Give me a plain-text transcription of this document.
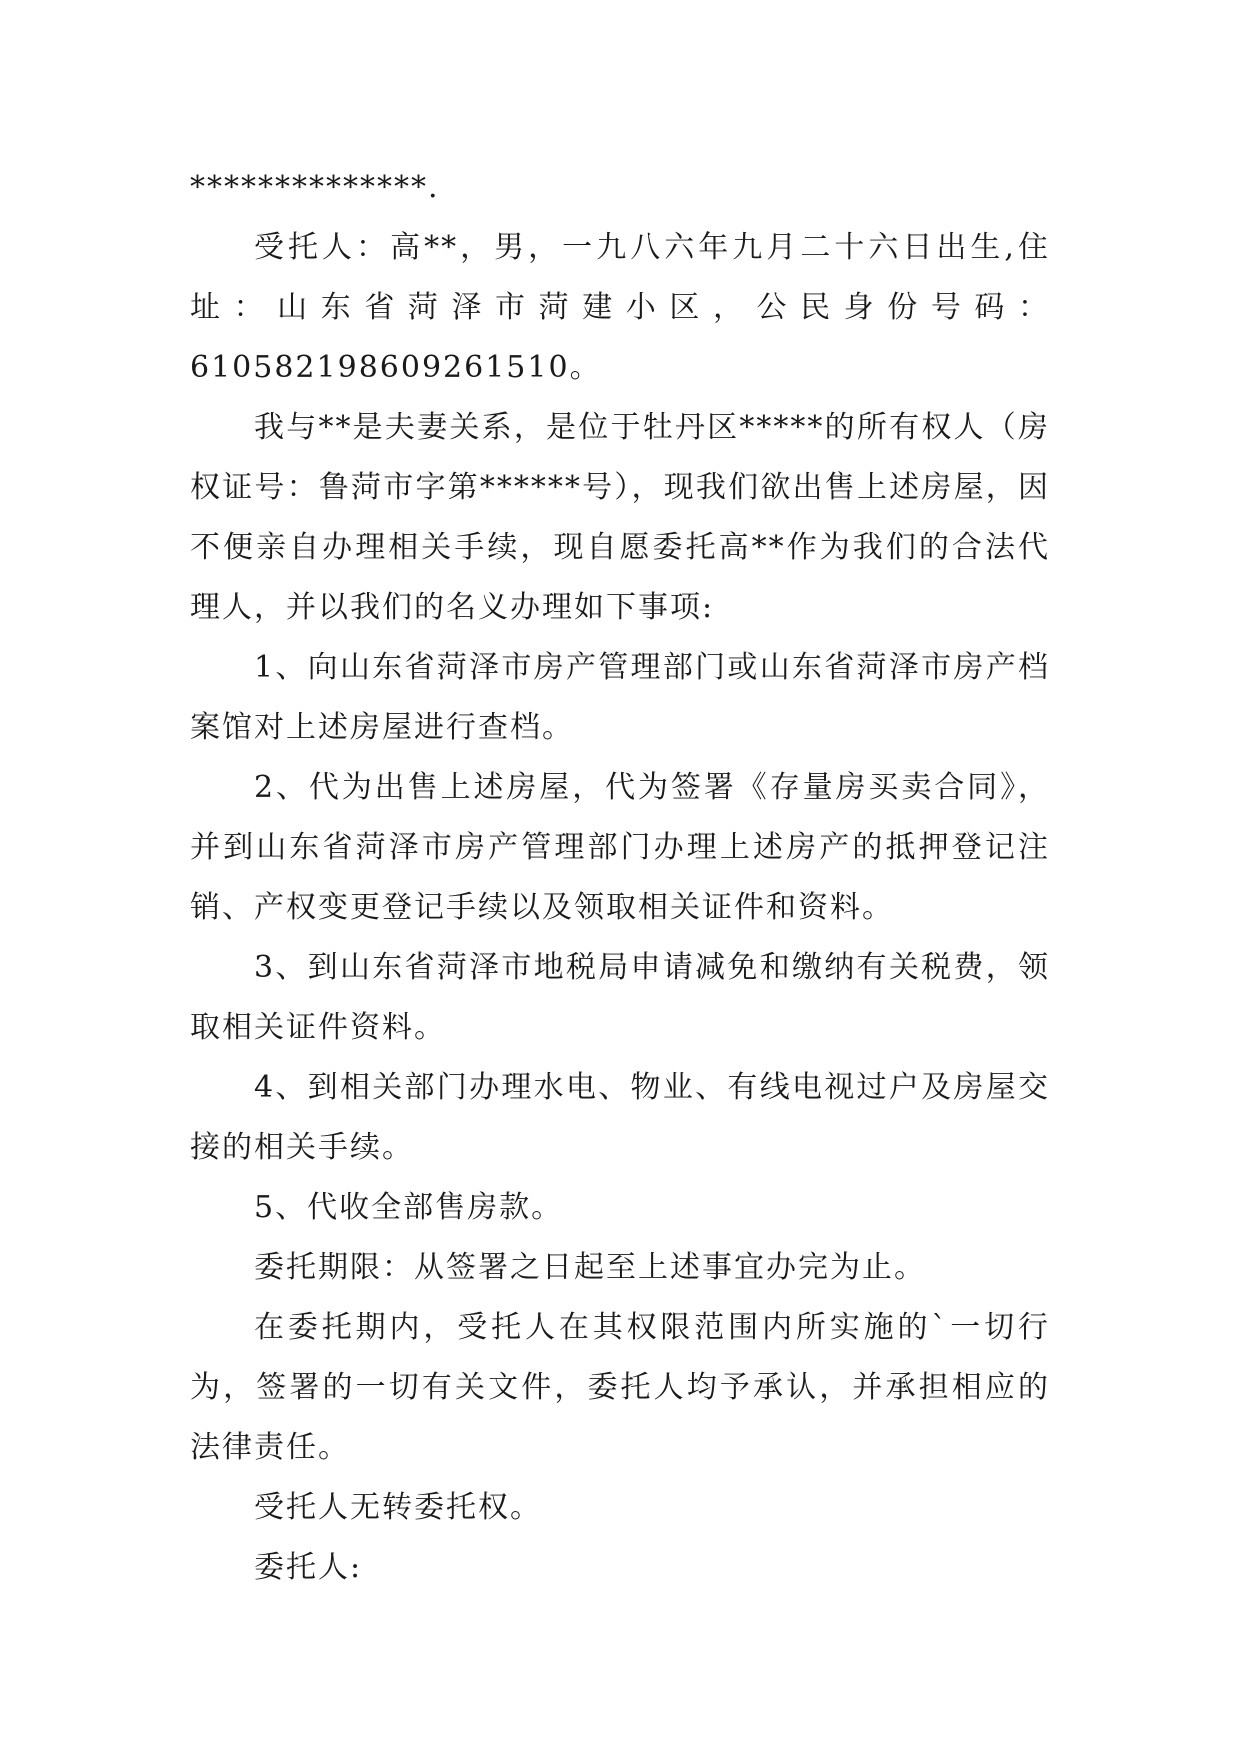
**************.

受托人：高**，男，一九八六年九月二十六日出生,住址：山东省菏泽市菏建小区，公民身份号码：610582198609261510。

我与**是夫妻关系，是位于牡丹区*****的所有权人（房权证号：鲁菏市字第******号），现我们欲出售上述房屋，因不便亲自办理相关手续，现自愿委托高**作为我们的合法代理人，并以我们的名义办理如下事项:

1、向山东省菏泽市房产管理部门或山东省菏泽市房产档案馆对上述房屋进行查档。

2、代为出售上述房屋，代为签署《存量房买卖合同》，并到山东省菏泽市房产管理部门办理上述房产的抵押登记注销、产权变更登记手续以及领取相关证件和资料。

3、到山东省菏泽市地税局申请减免和缴纳有关税费，领取相关证件资料。

4、到相关部门办理水电、物业、有线电视过户及房屋交接的相关手续。

5、代收全部售房款。

委托期限：从签署之日起至上述事宜办完为止。

在委托期内，受托人在其权限范围内所实施的`一切行为，签署的一切有关文件，委托人均予承认，并承担相应的法律责任。

受托人无转委托权。

委托人:
